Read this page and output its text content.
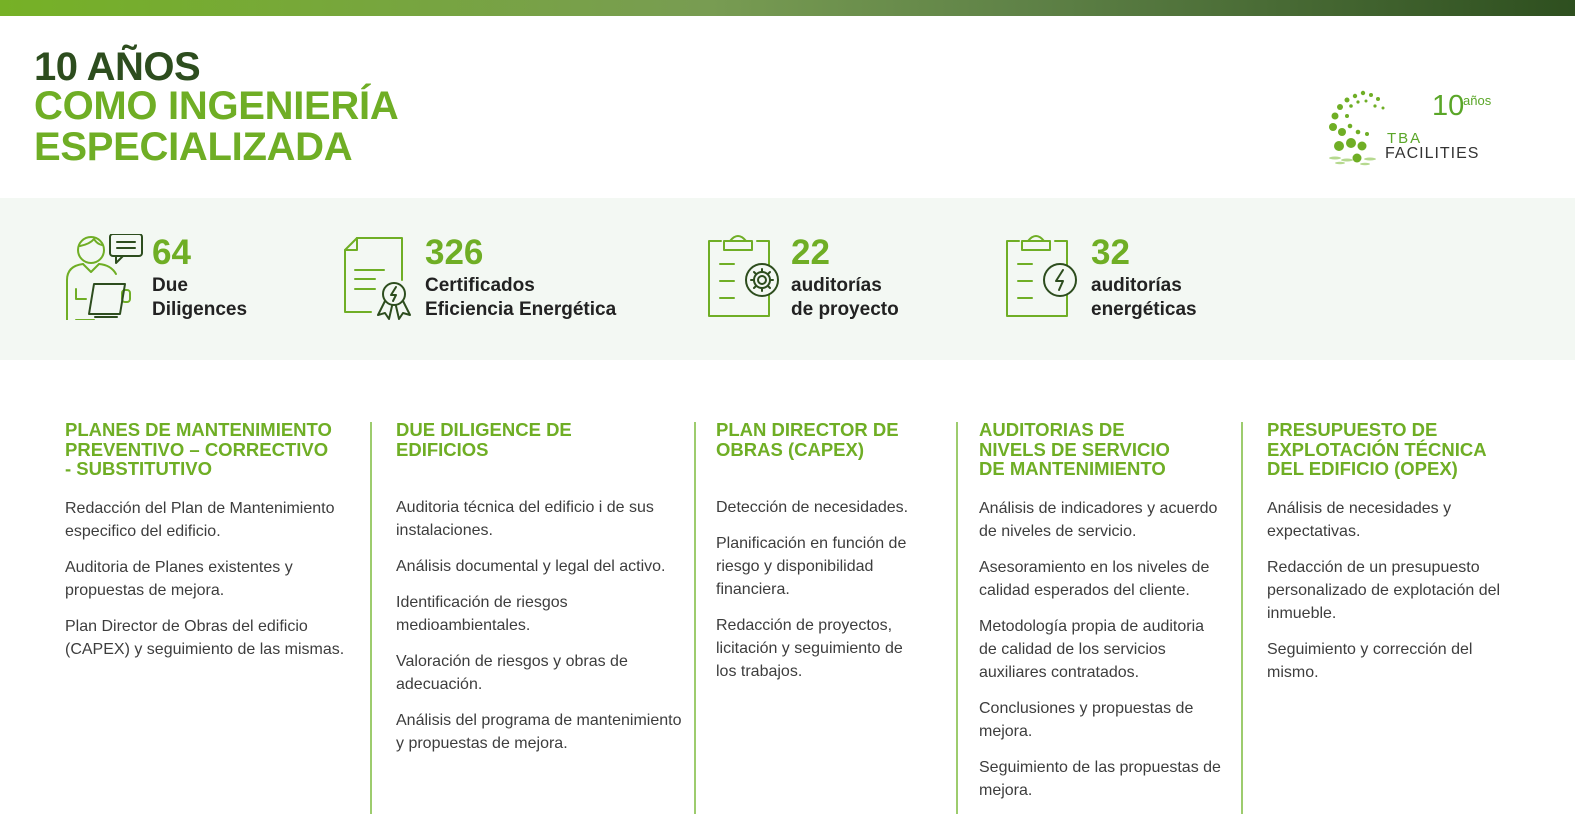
10 AÑOS
COMO INGENIERÍA
ESPECIALIZADA
10
años
TBA
FACILITIES
64
Due
Diligences
326
Certificados
Eficiencia Energética
22
auditorías
de proyecto
32
auditorías
energéticas
PLANES DE MANTENIMIENTO
PREVENTIVO – CORRECTIVO
- SUBSTITUTIVO

Redacción del Plan de Mantenimiento especifico del edificio.

Auditoria de Planes existentes y propuestas de mejora.

Plan Director de Obras del edificio (CAPEX) y seguimiento de las mismas.

DUE DILIGENCE DE
EDIFICIOS

Auditoria técnica del edificio i de sus instalaciones.

Análisis documental y legal del activo.

Identificación de riesgos medioambientales.

Valoración de riesgos y obras de adecuación.

Análisis del programa de mantenimiento y propuestas de mejora.

PLAN DIRECTOR DE
OBRAS (CAPEX)

Detección de necesidades.

Planificación en función de riesgo y disponibilidad financiera.

Redacción de proyectos, licitación y seguimiento de los trabajos.

AUDITORIAS DE
NIVELS DE SERVICIO
DE MANTENIMIENTO

Análisis de indicadores y acuerdo de niveles de servicio.

Asesoramiento en los niveles de calidad esperados del cliente.

Metodología propia de auditoria de calidad de los servicios auxiliares contratados.

Conclusiones y propuestas de mejora.

Seguimiento de las propuestas de mejora.

PRESUPUESTO DE
EXPLOTACIÓN TÉCNICA
DEL EDIFICIO (OPEX)

Análisis de necesidades y expectativas.

Redacción de un presupuesto personalizado de explotación del inmueble.

Seguimiento y corrección del mismo.
